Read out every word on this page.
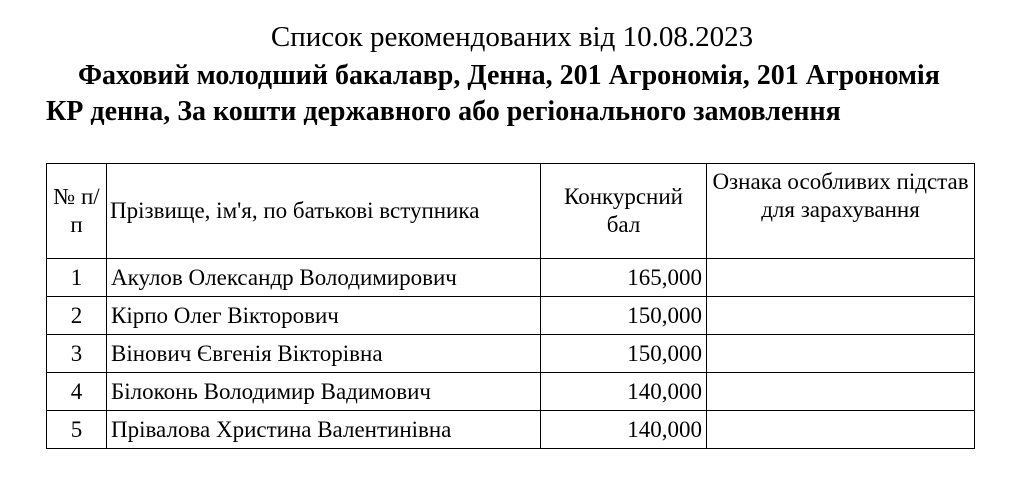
Список рекомендованих від 10.08.2023
Фаховий молодший бакалавр, Денна, 201 Агрономія, 201 Агрономія КР денна, За кошти державного або регіонального замовлення
№ п/п	Прізвище, ім'я, по батькові вступника	Конкурсний бал	Ознака особливих підстав для зарахування
1	Акулов Олександр Володимирович	165,000	
2	Кірпо Олег Вікторович	150,000	
3	Вінович Євгенія Вікторівна	150,000	
4	Білоконь Володимир Вадимович	140,000	
5	Прівалова Христина Валентинівна	140,000	
